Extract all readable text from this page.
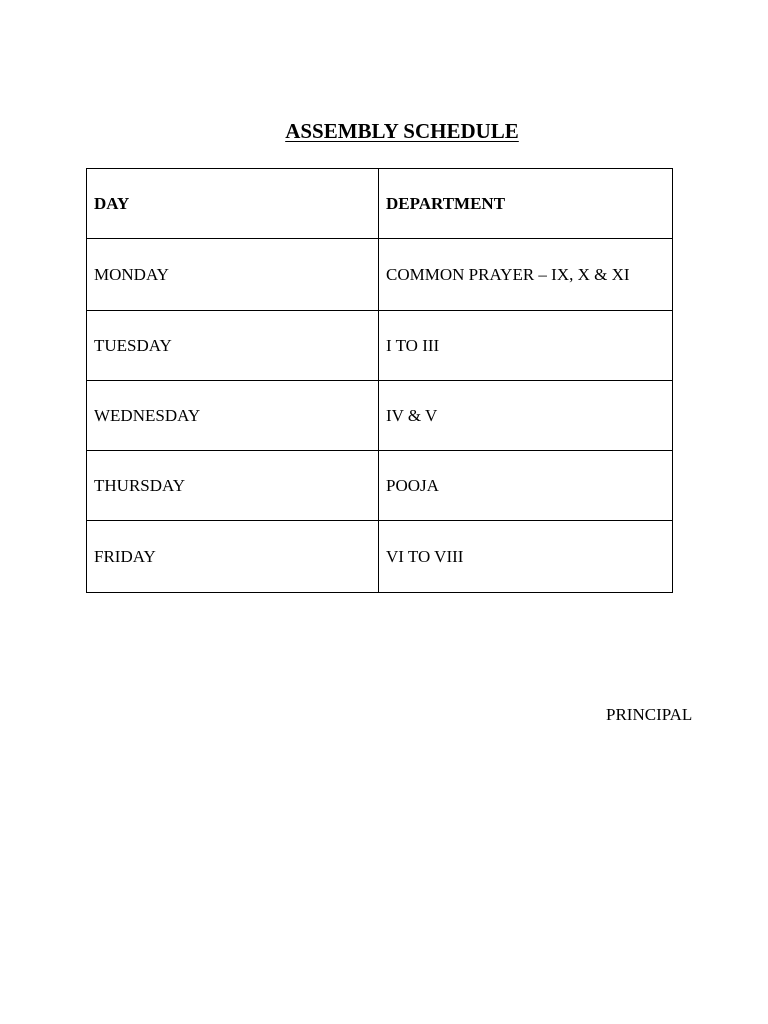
ASSEMBLY SCHEDULE
DAY	DEPARTMENT
MONDAY	COMMON PRAYER – IX, X & XI
TUESDAY	I TO III
WEDNESDAY	IV & V
THURSDAY	POOJA
FRIDAY	VI TO VIII
PRINCIPAL
